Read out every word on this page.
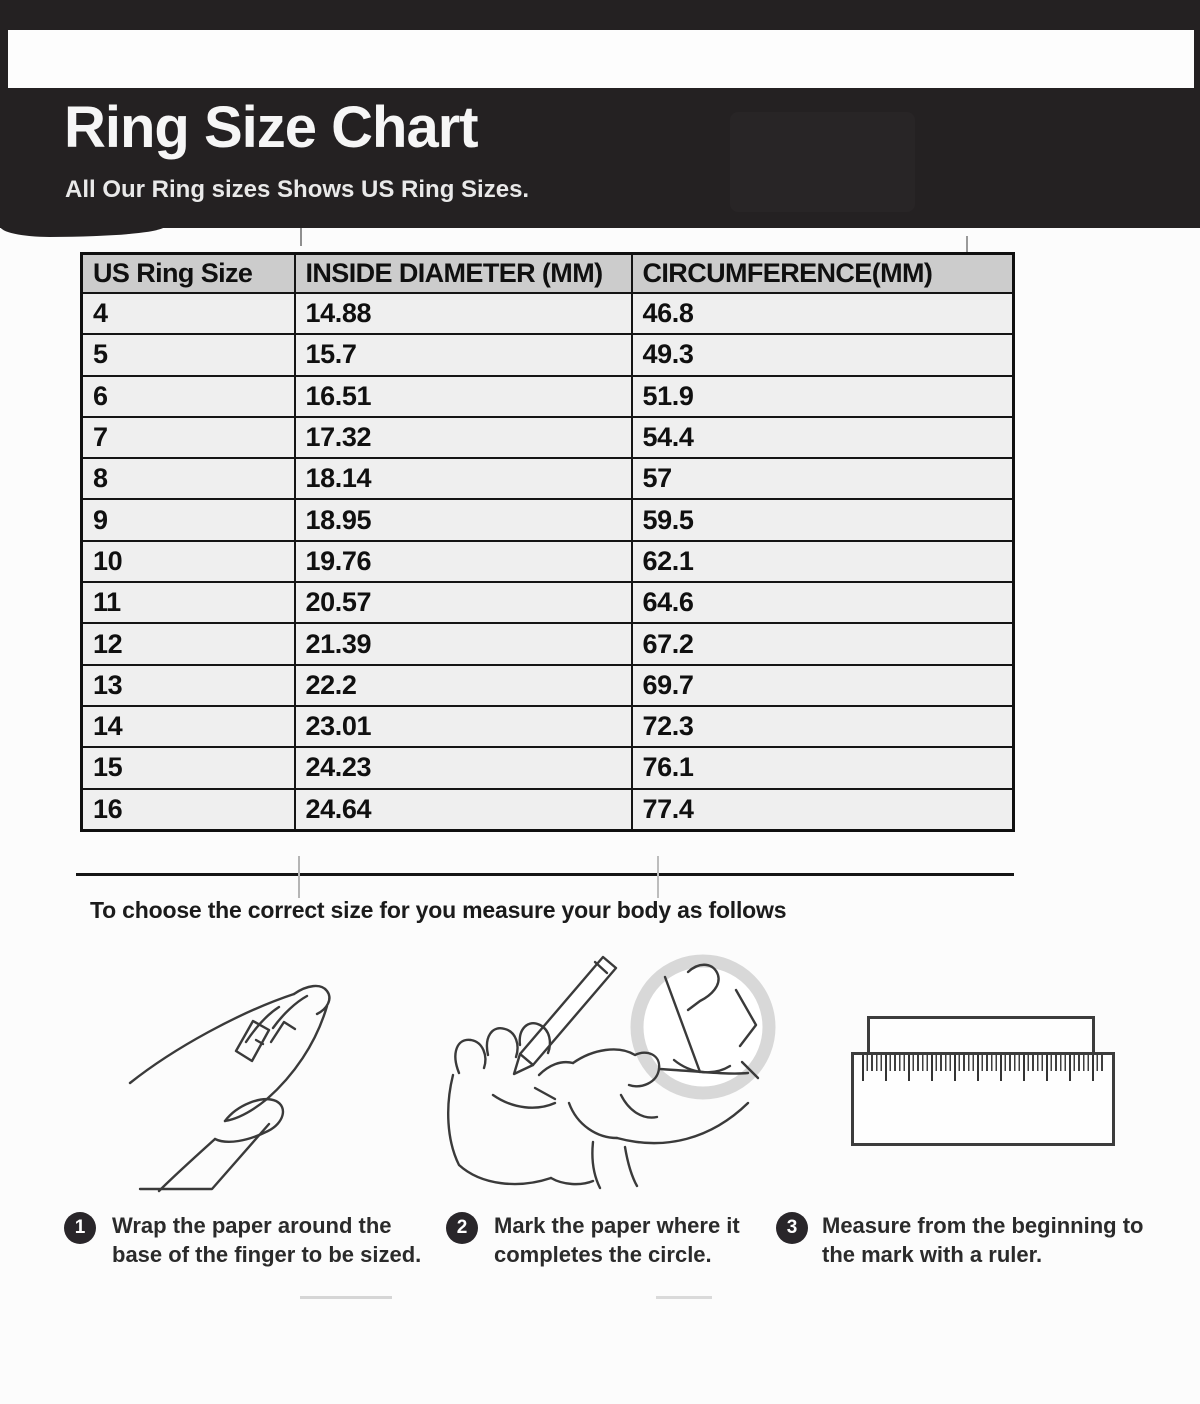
Ring Size Chart
All Our Ring sizes Shows US Ring Sizes.
US Ring Size	INSIDE DIAMETER (MM)	CIRCUMFERENCE(MM)
4	14.88	46.8
5	15.7	49.3
6	16.51	51.9
7	17.32	54.4
8	18.14	57
9	18.95	59.5
10	19.76	62.1
11	20.57	64.6
12	21.39	67.2
13	22.2	69.7
14	23.01	72.3
15	24.23	76.1
16	24.64	77.4
To choose the correct size for you measure your body as follows
1	Wrap the paper around the
base of the finger to be sized.
2	Mark the paper where it
completes the circle.
3	Measure from the beginning to
the mark with a ruler.
